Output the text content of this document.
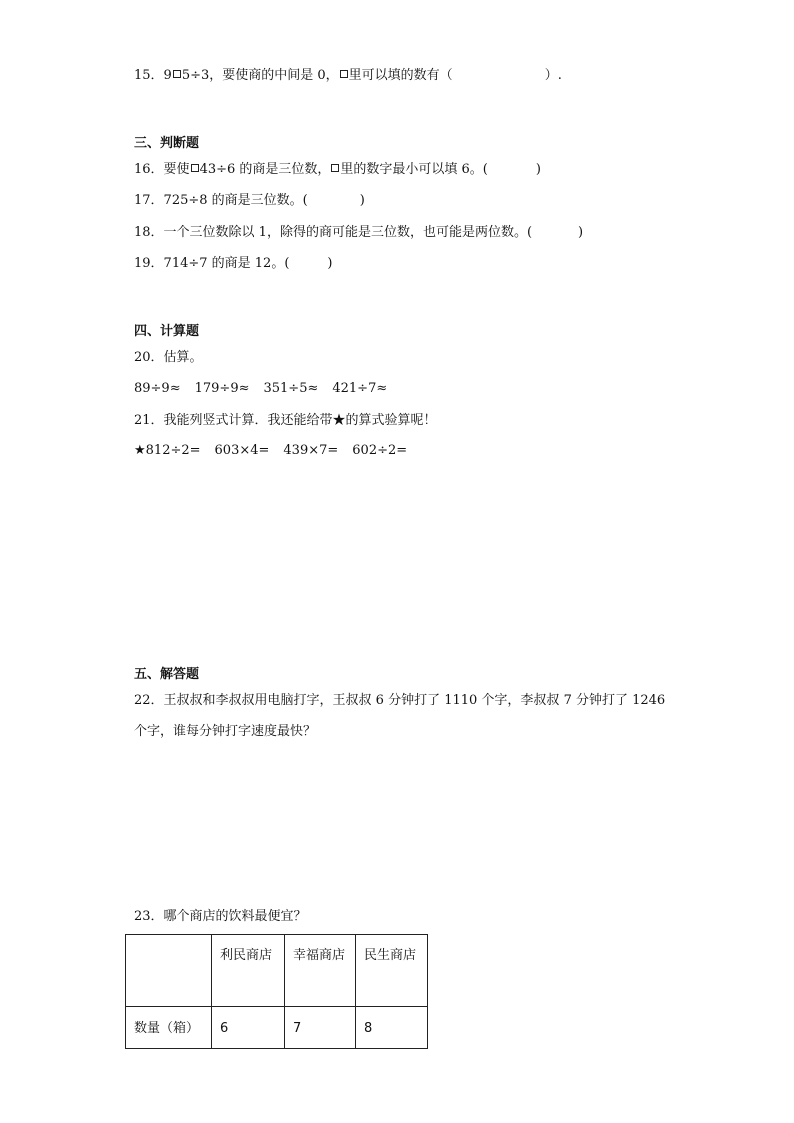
15．9 5÷3，要使商的中间是 0， 里可以填的数有（	）.
三、判断题
16．要使 43÷6 的商是三位数， 里的数字最小可以填 6。(	)
17．725÷8 的商是三位数。(	)
18．一个三位数除以 1，除得的商可能是三位数，也可能是两位数。(	)
19．714÷7 的商是 12。(	)
四、计算题
20．估算。
89÷9≈ 179÷9≈ 351÷5≈ 421÷7≈
21．我能列竖式计算．我还能给带★的算式验算呢！
★812÷2= 603×4= 439×7= 602÷2=
五、解答题
22．王叔叔和李叔叔用电脑打字，王叔叔 6 分钟打了 1110 个字，李叔叔 7 分钟打了 1246
个字，谁每分钟打字速度最快？
23．哪个商店的饮料最便宜？
	利民商店	幸福商店	民生商店
数量（箱）	6	7	8
